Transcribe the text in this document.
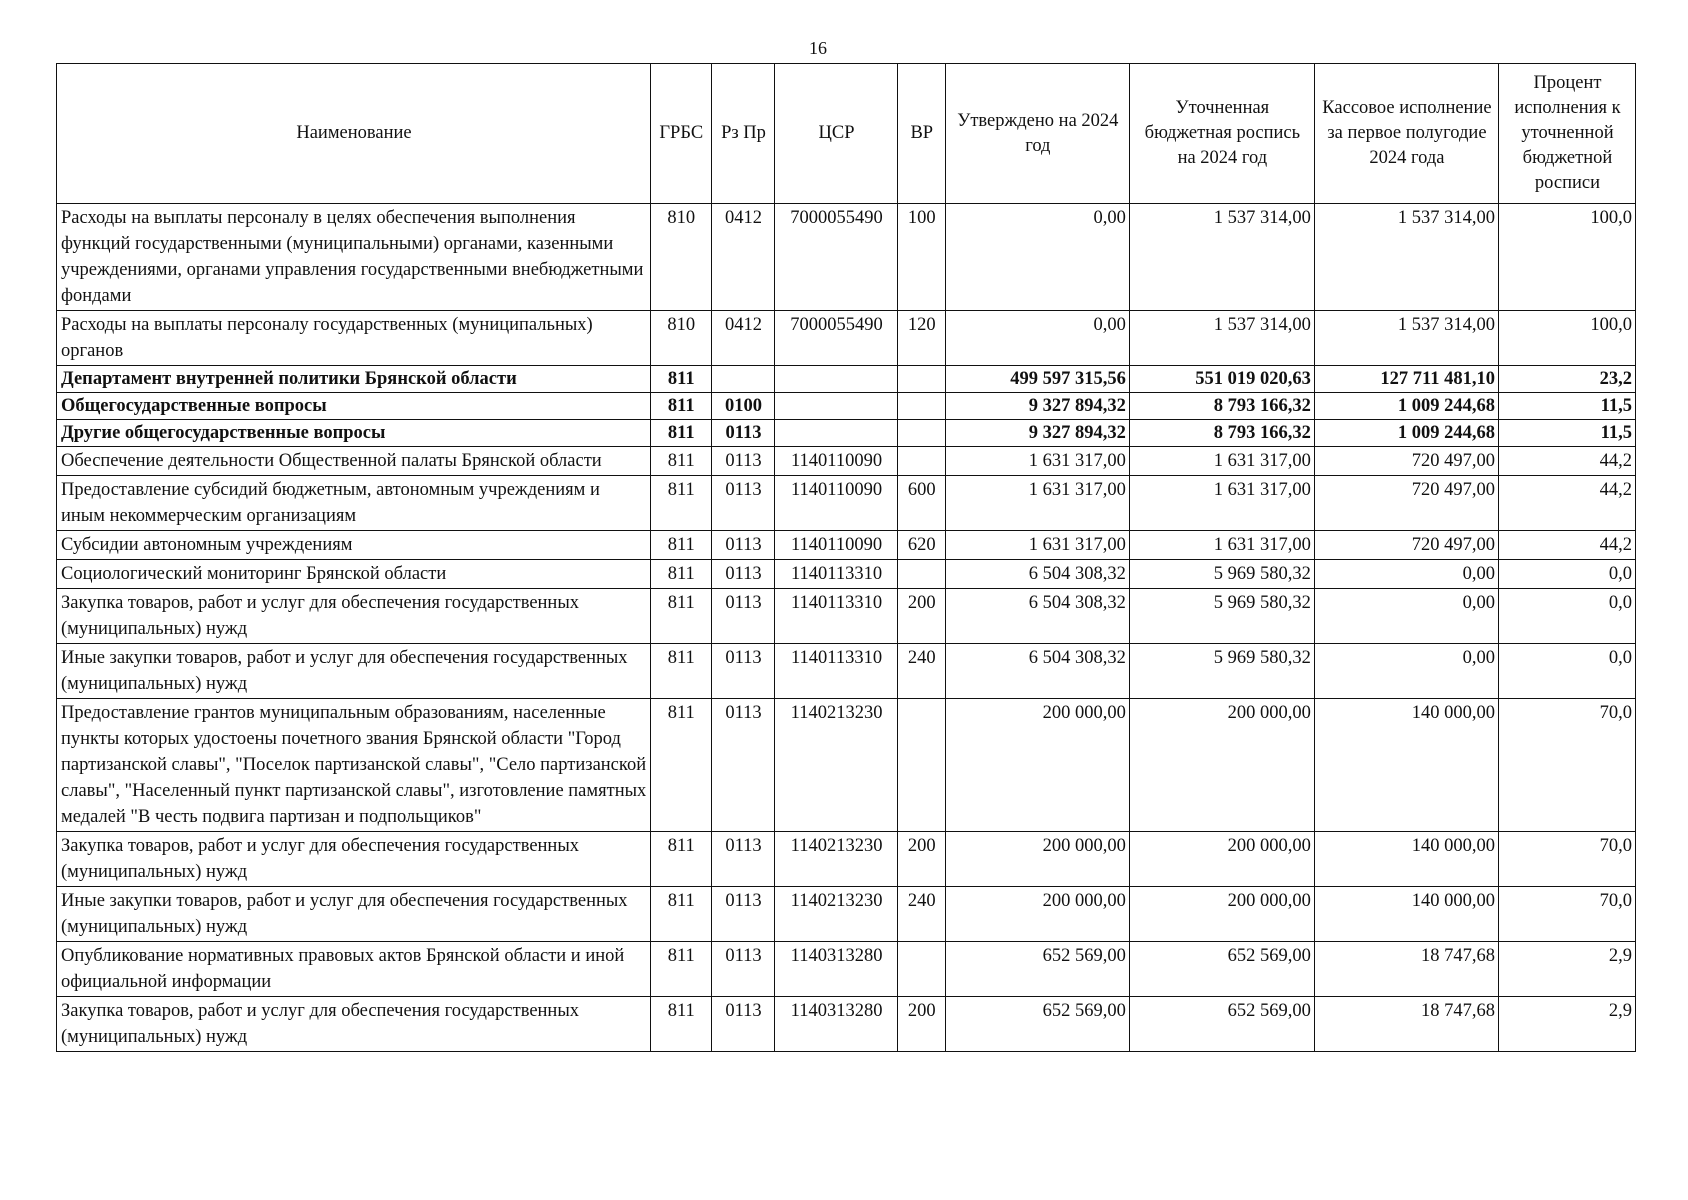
16
Наименование	ГРБС	Рз Пр	ЦСР	ВР	Утверждено на 2024 год	Уточненная бюджетная роспись на 2024 год	Кассовое исполнение за первое полугодие 2024 года	Процент исполнения к уточненной бюджетной росписи
Расходы на выплаты персоналу в целях обеспечения выполнения функций государственными (муниципальными) органами, казенными учреждениями, органами управления государственными внебюджетными фондами	810	0412	7000055490	100	0,00	1 537 314,00	1 537 314,00	100,0
Расходы на выплаты персоналу государственных (муниципальных) органов	810	0412	7000055490	120	0,00	1 537 314,00	1 537 314,00	100,0
Департамент внутренней политики Брянской области	811				499 597 315,56	551 019 020,63	127 711 481,10	23,2
Общегосударственные вопросы	811	0100			9 327 894,32	8 793 166,32	1 009 244,68	11,5
Другие общегосударственные вопросы	811	0113			9 327 894,32	8 793 166,32	1 009 244,68	11,5
Обеспечение деятельности Общественной палаты Брянской области	811	0113	1140110090		1 631 317,00	1 631 317,00	720 497,00	44,2
Предоставление субсидий бюджетным, автономным учреждениям и иным некоммерческим организациям	811	0113	1140110090	600	1 631 317,00	1 631 317,00	720 497,00	44,2
Субсидии автономным учреждениям	811	0113	1140110090	620	1 631 317,00	1 631 317,00	720 497,00	44,2
Социологический мониторинг Брянской области	811	0113	1140113310		6 504 308,32	5 969 580,32	0,00	0,0
Закупка товаров, работ и услуг для обеспечения государственных (муниципальных) нужд	811	0113	1140113310	200	6 504 308,32	5 969 580,32	0,00	0,0
Иные закупки товаров, работ и услуг для обеспечения государственных (муниципальных) нужд	811	0113	1140113310	240	6 504 308,32	5 969 580,32	0,00	0,0
Предоставление грантов муниципальным образованиям, населенные пункты которых удостоены почетного звания Брянской области "Город партизанской славы", "Поселок партизанской славы", "Село партизанской славы", "Населенный пункт партизанской славы", изготовление памятных медалей "В честь подвига партизан и подпольщиков"	811	0113	1140213230		200 000,00	200 000,00	140 000,00	70,0
Закупка товаров, работ и услуг для обеспечения государственных (муниципальных) нужд	811	0113	1140213230	200	200 000,00	200 000,00	140 000,00	70,0
Иные закупки товаров, работ и услуг для обеспечения государственных (муниципальных) нужд	811	0113	1140213230	240	200 000,00	200 000,00	140 000,00	70,0
Опубликование нормативных правовых актов Брянской области и иной официальной информации	811	0113	1140313280		652 569,00	652 569,00	18 747,68	2,9
Закупка товаров, работ и услуг для обеспечения государственных (муниципальных) нужд	811	0113	1140313280	200	652 569,00	652 569,00	18 747,68	2,9
